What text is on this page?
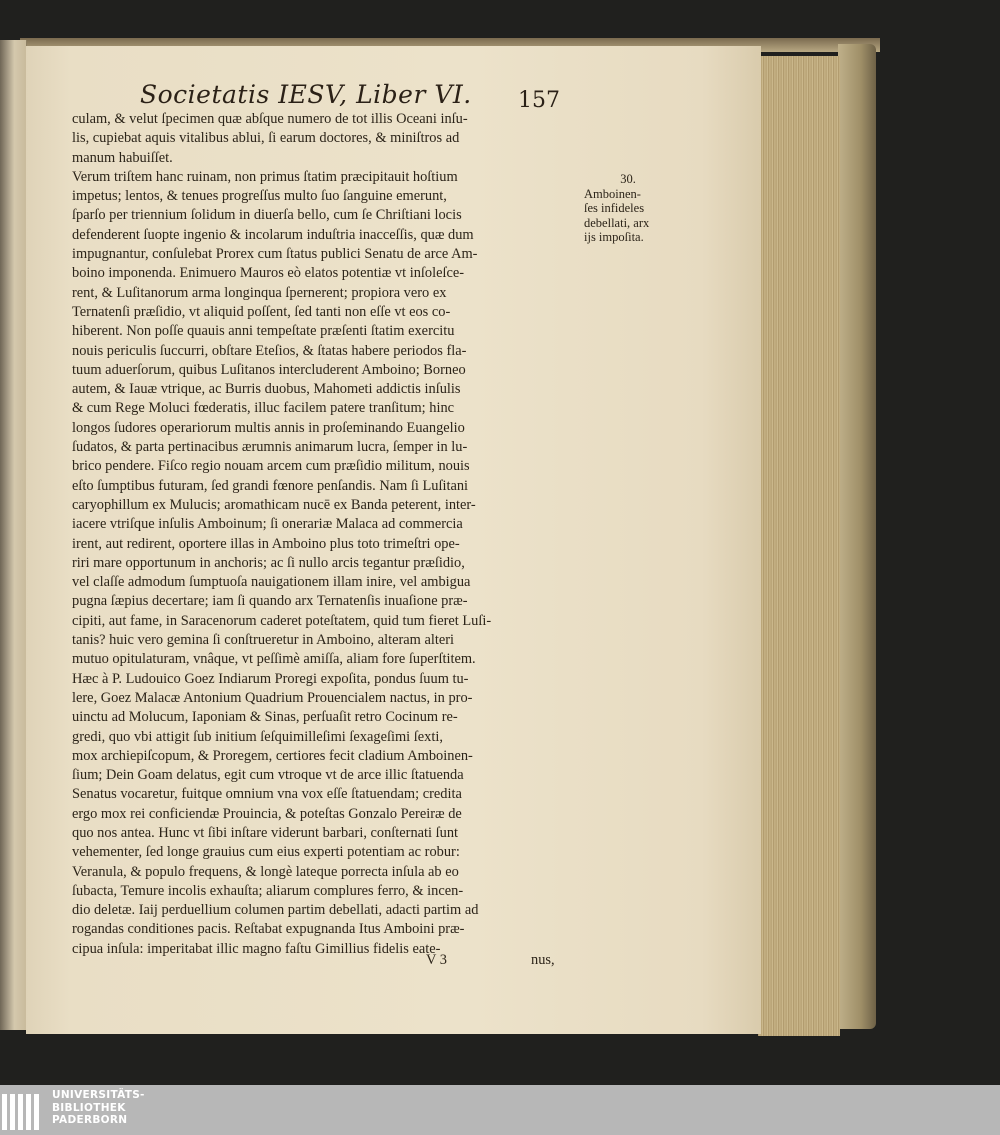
Societatis IESV, Liber VI. 157
culam, & velut ſpecimen quæ abſque numero de tot illis Oceani inſu-
lis, cupiebat aquis vitalibus ablui, ſi earum doctores, & miniſtros ad
manum habuiſſet.
Verum triſtem hanc ruinam, non primus ſtatim præcipitauit hoſtium
impetus; lentos, & tenues progreſſus multo ſuo ſanguine emerunt,
ſparſo per triennium ſolidum in diuerſa bello, cum ſe Chriſtiani locis
defenderent ſuopte ingenio & incolarum induſtria inacceſſis, quæ dum
impugnantur, conſulebat Prorex cum ſtatus publici Senatu de arce Am-
boino imponenda. Enimuero Mauros eò elatos potentiæ vt inſoleſce-
rent, & Luſitanorum arma longinqua ſpernerent; propiora vero ex
Ternatenſi præſidio, vt aliquid poſſent, ſed tanti non eſſe vt eos co-
hiberent. Non poſſe quauis anni tempeſtate præſenti ſtatim exercitu
nouis periculis ſuccurri, obſtare Eteſios, & ſtatas habere periodos fla-
tuum aduerſorum, quibus Luſitanos intercluderent Amboino; Borneo
autem, & Iauæ vtrique, ac Burris duobus, Mahometi addictis inſulis
& cum Rege Moluci fœderatis, illuc facilem patere tranſitum; hinc
longos ſudores operariorum multis annis in proſeminando Euangelio
ſudatos, & parta pertinacibus ærumnis animarum lucra, ſemper in lu-
brico pendere. Fiſco regio nouam arcem cum præſidio militum, nouis
eſto ſumptibus futuram, ſed grandi fœnore penſandis. Nam ſi Luſitani
caryophillum ex Mulucis; aromathicam nucē ex Banda peterent, inter-
iacere vtriſque inſulis Amboinum; ſi onerariæ Malaca ad commercia
irent, aut redirent, oportere illas in Amboino plus toto trimeſtri ope-
riri mare opportunum in anchoris; ac ſi nullo arcis tegantur præſidio,
vel claſſe admodum ſumptuoſa nauigationem illam inire, vel ambigua
pugna ſæpius decertare; iam ſi quando arx Ternatenſis inuaſione præ-
cipiti, aut fame, in Saracenorum caderet poteſtatem, quid tum fieret Luſi-
tanis? huic vero gemina ſi conſtrueretur in Amboino, alteram alteri
mutuo opitulaturam, vnâque, vt peſſimè amiſſa, aliam fore ſuperſtitem.
Hæc à P. Ludouico Goez Indiarum Proregi expoſita, pondus ſuum tu-
lere, Goez Malacæ Antonium Quadrium Prouencialem nactus, in pro-
uinctu ad Molucum, Iaponiam & Sinas, perſuaſit retro Cocinum re-
gredi, quo vbi attigit ſub initium ſeſquimilleſimi ſexageſimi ſexti,
mox archiepiſcopum, & Proregem, certiores fecit cladium Amboinen-
ſium; Dein Goam delatus, egit cum vtroque vt de arce illic ſtatuenda
Senatus vocaretur, fuitque omnium vna vox eſſe ſtatuendam; credita
ergo mox rei conficiendæ Prouincia, & poteſtas Gonzalo Pereiræ de
quo nos antea. Hunc vt ſibi inſtare viderunt barbari, conſternati ſunt
vehementer, ſed longe grauius cum eius experti potentiam ac robur:
Veranula, & populo frequens, & longè lateque porrecta inſula ab eo
ſubacta, Temure incolis exhauſta; aliarum complures ferro, & incen-
dio deletæ. Iaij perduellium columen partim debellati, adacti partim ad
rogandas conditiones pacis. Reſtabat expugnanda Itus Amboini præ-
cipua inſula: imperitabat illic magno faſtu Gimillius fidelis eate-
30.
Amboinen-
ſes infideles
debellati, arx
ijs impoſita.
V 3	nus,
UNIVERSITÄTS-
BIBLIOTHEK
PADERBORN
